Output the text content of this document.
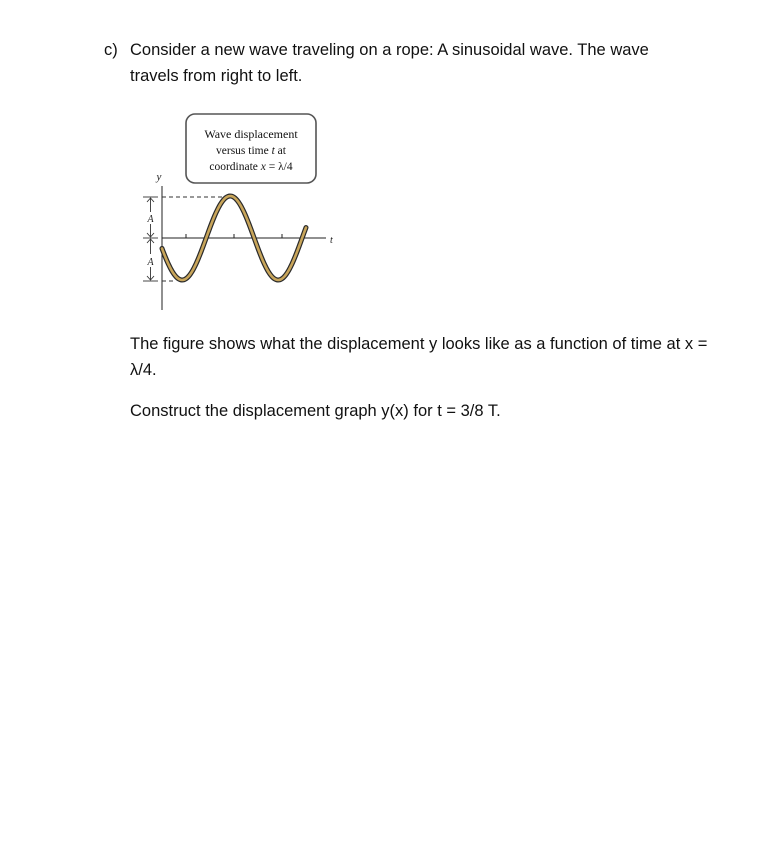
c) Consider a new wave traveling on a rope: A sinusoidal wave. The wave travels from right to left.

Wave displacement
versus time t at
coordinate x = λ/4
y
t
A
A

The figure shows what the displacement y looks like as a function of time at x = λ/4.

Construct the displacement graph y(x) for t = 3/8 T.
